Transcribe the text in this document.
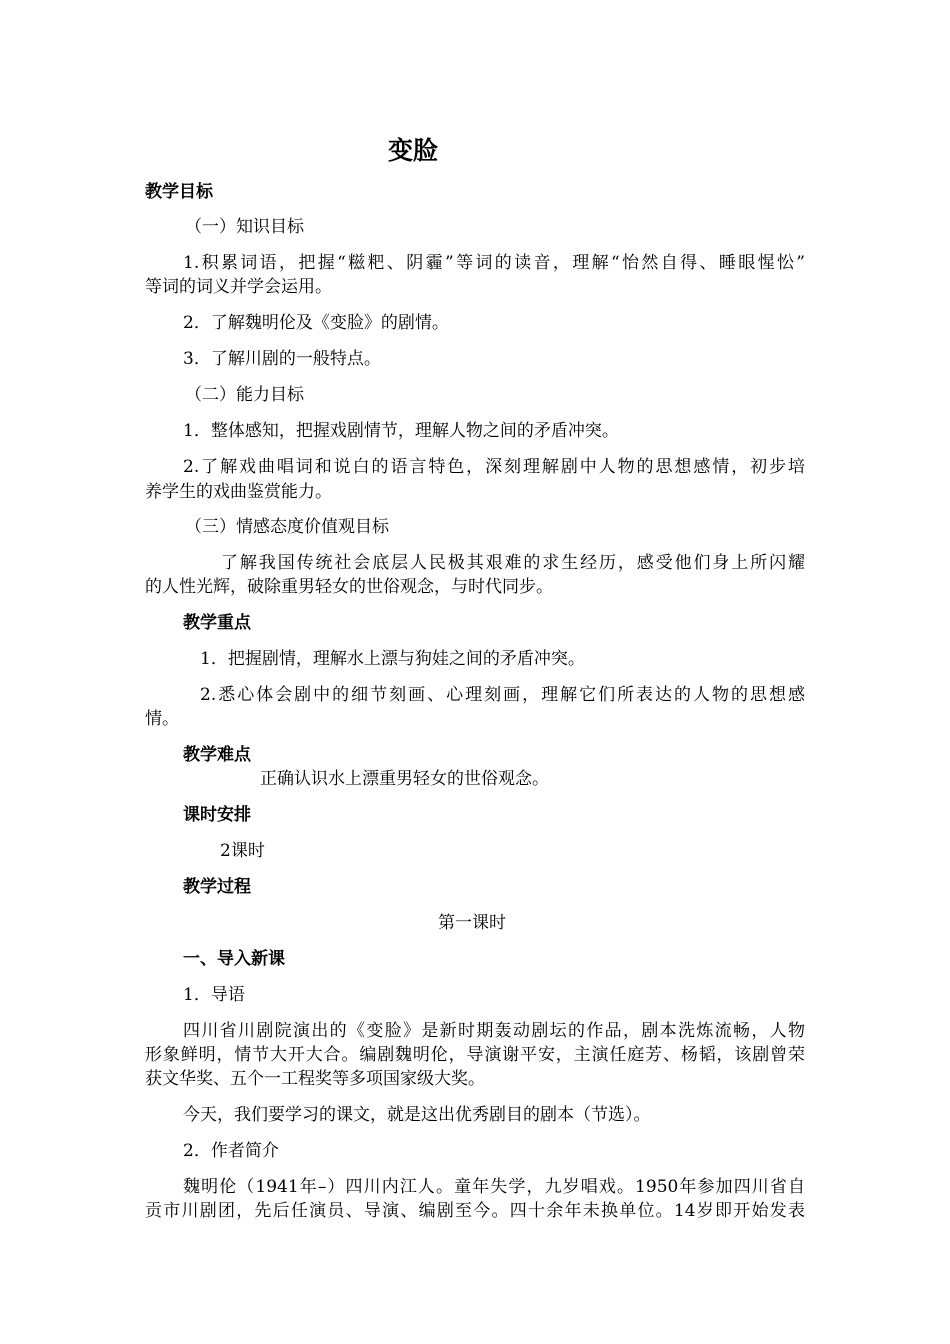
变脸
教学目标
（一）知识目标
1.积累词语，把握“糍粑、阴霾”等词的读音，理解“怡然自得、睡眼惺忪”
等词的词义并学会运用。
2．了解魏明伦及《变脸》的剧情。
3．了解川剧的一般特点。
（二）能力目标
1．整体感知，把握戏剧情节，理解人物之间的矛盾冲突。
2.了解戏曲唱词和说白的语言特色，深刻理解剧中人物的思想感情，初步培
养学生的戏曲鉴赏能力。
（三）情感态度价值观目标
了解我国传统社会底层人民极其艰难的求生经历，感受他们身上所闪耀
的人性光辉，破除重男轻女的世俗观念，与时代同步。
教学重点
1．把握剧情，理解水上漂与狗娃之间的矛盾冲突。
2.悉心体会剧中的细节刻画、心理刻画，理解它们所表达的人物的思想感
情。
教学难点
正确认识水上漂重男轻女的世俗观念。
课时安排
2课时
教学过程
第一课时
一、导入新课
1．导语
四川省川剧院演出的《变脸》是新时期轰动剧坛的作品，剧本洗炼流畅，人物
形象鲜明，情节大开大合。编剧魏明伦，导演谢平安，主演任庭芳、杨韬，该剧曾荣
获文华奖、五个一工程奖等多项国家级大奖。
今天，我们要学习的课文，就是这出优秀剧目的剧本（节选）。
2．作者简介
魏明伦（1941年–）四川内江人。童年失学，九岁唱戏。1950年参加四川省自
贡市川剧团，先后任演员、导演、编剧至今。四十余年未换单位。14岁即开始发表
